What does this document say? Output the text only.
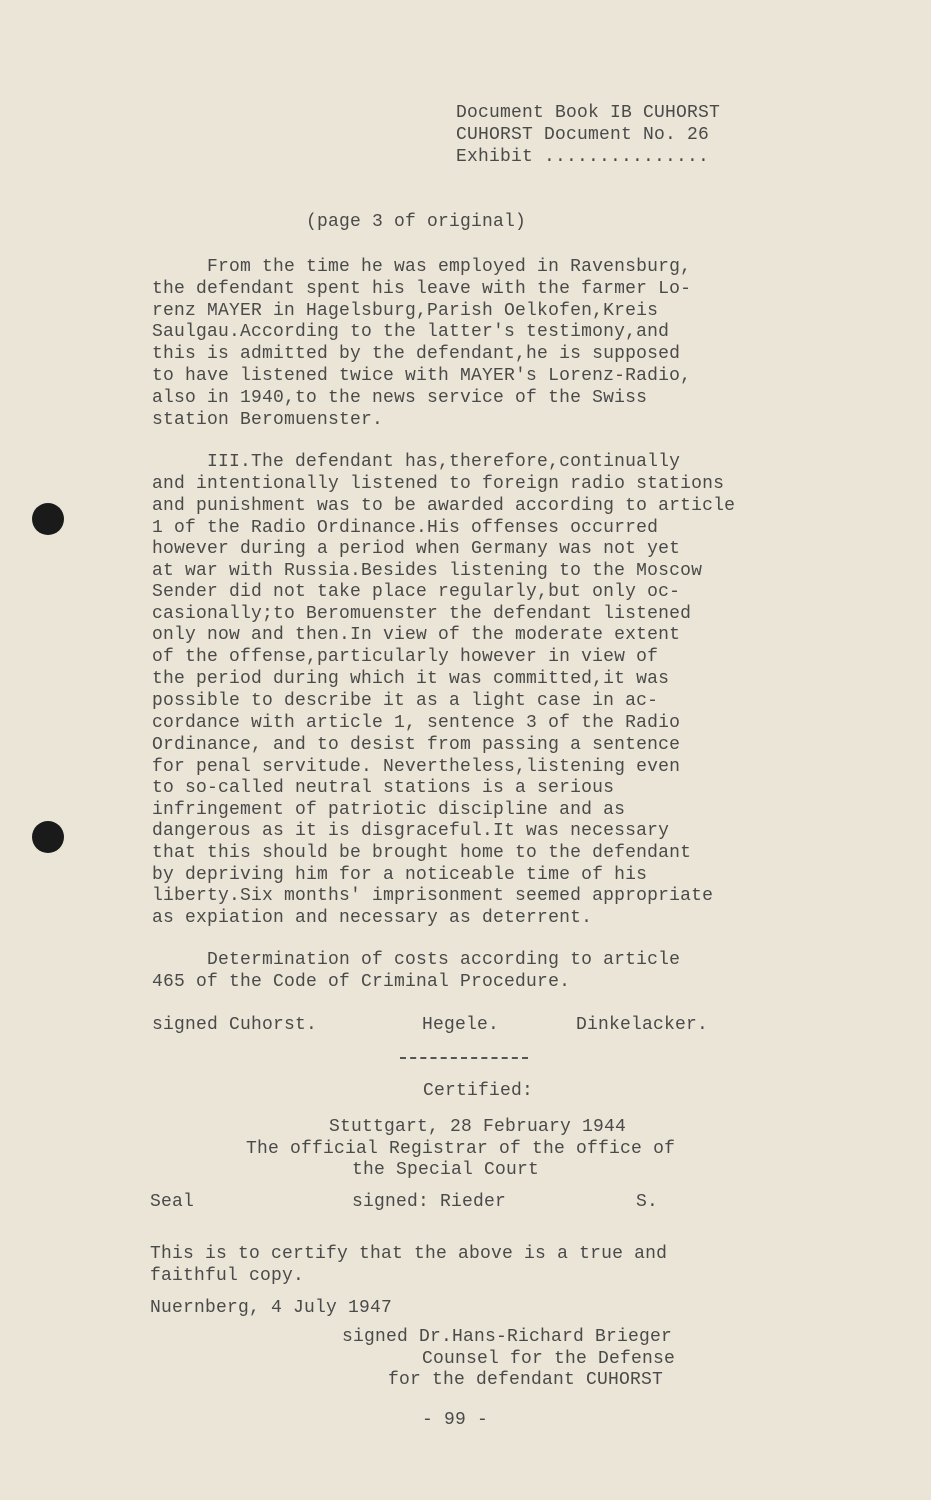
Document Book IB CUHORST

CUHORST Document No. 26

Exhibit ...............

(page 3 of original)

From the time he was employed in Ravensburg,

the defendant spent his leave with the farmer Lo-

renz MAYER in Hagelsburg,Parish Oelkofen,Kreis

Saulgau.According to the latter's testimony,and

this is admitted by the defendant,he is supposed

to have listened twice with MAYER's Lorenz-Radio,

also in 1940,to the news service of the Swiss

station Beromuenster.

III.The defendant has,therefore,continually

and intentionally listened to foreign radio stations

and punishment was to be awarded according to article

1 of the Radio Ordinance.His offenses occurred

however during a period when Germany was not yet

at war with Russia.Besides listening to the Moscow

Sender did not take place regularly,but only oc-

casionally;to Beromuenster the defendant listened

only now and then.In view of the moderate extent

of the offense,particularly however in view of

the period during which it was committed,it was

possible to describe it as a light case in ac-

cordance with article 1, sentence 3 of the Radio

Ordinance, and to desist from passing a sentence

for penal servitude. Nevertheless,listening even

to so-called neutral stations is a serious

infringement of patriotic discipline and as

dangerous as it is disgraceful.It was necessary

that this should be brought home to the defendant

by depriving him for a noticeable time of his

liberty.Six months' imprisonment seemed appropriate

as expiation and necessary as deterrent.

Determination of costs according to article

465 of the Code of Criminal Procedure.

signed Cuhorst.	Hegele.	Dinkelacker.

Certified:

Stuttgart, 28 February 1944

The official Registrar of the office of

the Special Court

Seal	signed: Rieder	S.

This is to certify that the above is a true and

faithful copy.

Nuernberg, 4 July 1947

signed Dr.Hans-Richard Brieger

Counsel for the Defense

for the defendant CUHORST

- 99 -
